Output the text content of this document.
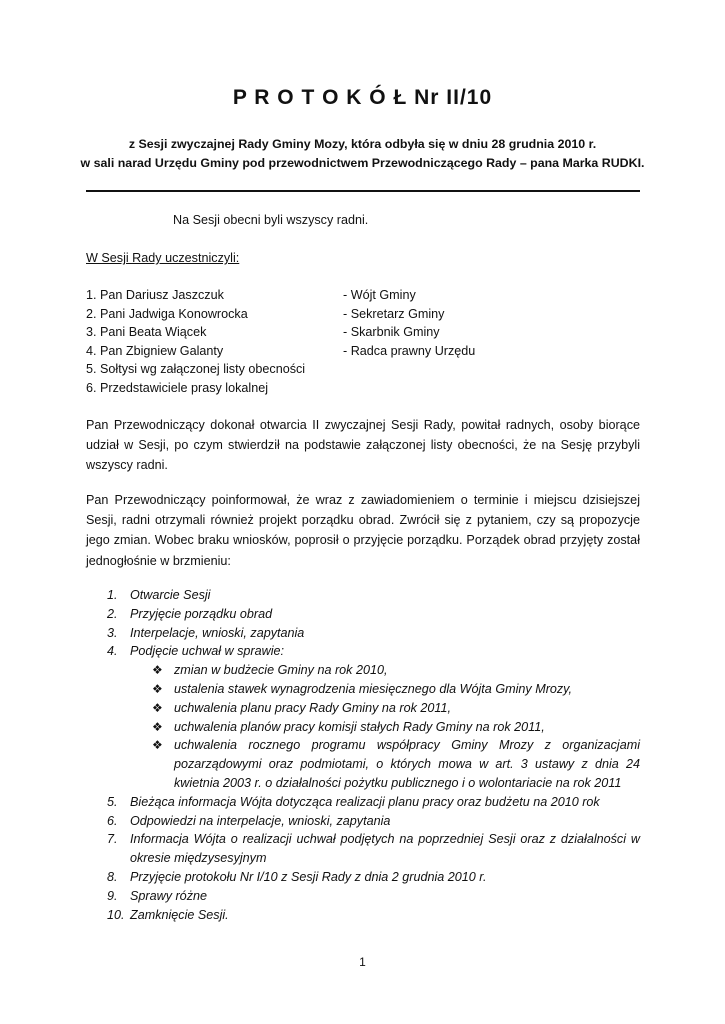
P R O T O K Ó Ł Nr II/10
z Sesji zwyczajnej Rady Gminy Mozy, która odbyła się w dniu 28 grudnia 2010 r.
w sali narad Urzędu Gminy pod przewodnictwem Przewodniczącego Rady – pana Marka RUDKI.

Na Sesji obecni byli wszyscy radni.

W Sesji Rady uczestniczyli:

1. Pan Dariusz Jaszczuk	- Wójt Gminy
2. Pani Jadwiga Konowrocka	- Sekretarz Gminy
3. Pani Beata Wiącek	- Skarbnik Gminy
4. Pan Zbigniew Galanty	- Radca prawny Urzędu
5. Sołtysi wg załączonej listy obecności
6. Przedstawiciele prasy lokalnej

Pan Przewodniczący dokonał otwarcia II zwyczajnej Sesji Rady, powitał radnych, osoby biorące udział w Sesji, po czym stwierdził na podstawie załączonej listy obecności, że na Sesję przybyli wszyscy radni.

Pan Przewodniczący poinformował, że wraz z zawiadomieniem o terminie i miejscu dzisiejszej Sesji, radni otrzymali również projekt porządku obrad. Zwrócił się z pytaniem, czy są propozycje jego zmian. Wobec braku wniosków, poprosił o przyjęcie porządku. Porządek obrad przyjęty został jednogłośnie w brzmieniu:

1. Otwarcie Sesji
2. Przyjęcie porządku obrad
3. Interpelacje, wnioski, zapytania
4. Podjęcie uchwał w sprawie:
❖ zmian w budżecie Gminy na rok 2010,
❖ ustalenia stawek wynagrodzenia miesięcznego dla Wójta Gminy Mrozy,
❖ uchwalenia planu pracy Rady Gminy na rok 2011,
❖ uchwalenia planów pracy komisji stałych Rady Gminy na rok 2011,
❖ uchwalenia rocznego programu współpracy Gminy Mrozy z organizacjami pozarządowymi oraz podmiotami, o których mowa w art. 3 ustawy z dnia 24 kwietnia 2003 r. o działalności pożytku publicznego i o wolontariacie na rok 2011
5. Bieżąca informacja Wójta dotycząca realizacji planu pracy oraz budżetu na 2010 rok
6. Odpowiedzi na interpelacje, wnioski, zapytania
7. Informacja Wójta o realizacji uchwał podjętych na poprzedniej Sesji oraz z działalności w okresie międzysesyjnym
8. Przyjęcie protokołu Nr I/10 z Sesji Rady z dnia 2 grudnia 2010 r.
9. Sprawy różne
10. Zamknięcie Sesji.
1
